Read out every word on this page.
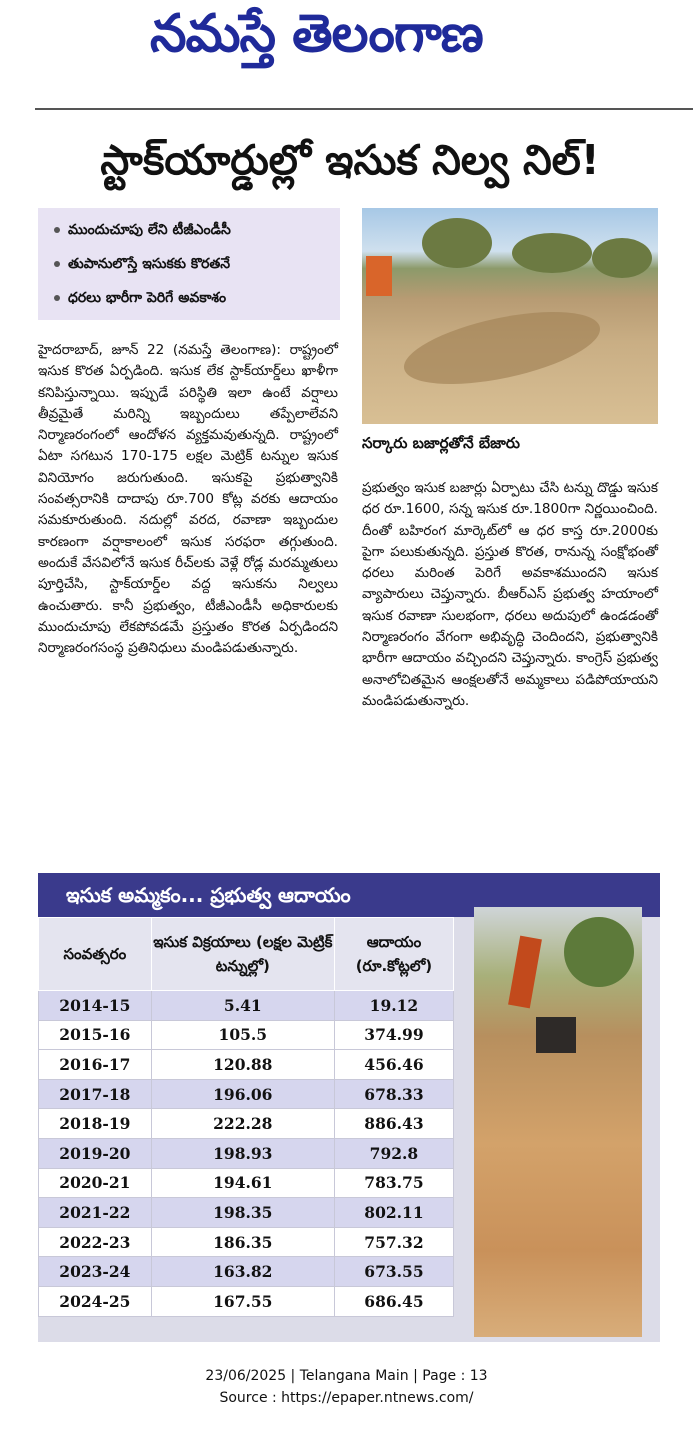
నమస్తే తెలంగాణ
స్టాక్‌యార్డుల్లో ఇసుక నిల్వ నిల్!
ముందుచూపు లేని టీజీఎండీసీ
తుపానులొస్తే ఇసుకకు కొరతనే
ధరలు భారీగా పెరిగే అవకాశం

హైదరాబాద్‌, జూన్‌ 22 (నమస్తే తెలంగాణ): రాష్ట్రంలో ఇసుక కొరత ఏర్పడింది. ఇసుక లేక స్టాక్‌యార్డ్‌లు ఖాళీగా కనిపిస్తున్నాయి. ఇప్పుడే పరిస్థితి ఇలా ఉంటే వర్షాలు తీవ్రమైతే మరిన్ని ఇబ్బందులు తప్పేలాలేవని నిర్మాణరంగంలో ఆందోళన వ్యక్తమవుతున్నది. రాష్ట్రంలో ఏటా సగటున 170-175 లక్షల మెట్రిక్‌ టన్నుల ఇసుక వినియోగం జరుగుతుంది. ఇసుకపై ప్రభుత్వానికి సంవత్సరానికి దాదాపు రూ.700 కోట్ల వరకు ఆదాయం సమకూరుతుంది. నదుల్లో వరద, రవాణా ఇబ్బందుల కారణంగా వర్షాకాలంలో ఇసుక సరఫరా తగ్గుతుంది. అందుకే వేసవిలోనే ఇసుక రీచ్‌లకు వెళ్లే రోడ్ల మరమ్మతులు పూర్తిచేసి, స్టాక్‌యార్డ్‌ల వద్ద ఇసుకను నిల్వలు ఉంచుతారు. కానీ ప్రభుత్వం, టీజీఎండీసీ అధికారులకు ముందుచూపు లేకపోవడమే ప్రస్తుతం కొరత ఏర్పడిందని నిర్మాణరంగసంస్థ ప్రతినిధులు మండిపడుతున్నారు.

సర్కారు బజార్లతోనే బేజారు

ప్రభుత్వం ఇసుక బజార్లు ఏర్పాటు చేసి టన్ను దొడ్డు ఇసుక ధర రూ.1600, సన్న ఇసుక రూ.1800గా నిర్ణయించింది. దీంతో బహిరంగ మార్కెట్‌లో ఆ ధర కాస్త రూ.2000కు పైగా పలుకుతున్నది. ప్రస్తుత కొరత, రానున్న సంక్షోభంతో ధరలు మరింత పెరిగే అవకాశముందని ఇసుక వ్యాపారులు చెప్తున్నారు. బీఆర్‌ఎస్‌ ప్రభుత్వ హయాంలో ఇసుక రవాణా సులభంగా, ధరలు అదుపులో ఉండడంతో నిర్మాణరంగం వేగంగా అభివృద్ధి చెందిందని, ప్రభుత్వానికి భారీగా ఆదాయం వచ్చిందని చెప్తున్నారు. కాంగ్రెస్‌ ప్రభుత్వ అనాలోచితమైన ఆంక్షలతోనే అమ్మకాలు పడిపోయాయని మండిపడుతున్నారు.

ఇసుక అమ్మకం... ప్రభుత్వ ఆదాయం
సంవత్సరం	ఇసుక విక్రయాలు (లక్షల మెట్రిక్‌ టన్నుల్లో)	ఆదాయం (రూ.కోట్లలో)
2014-15	5.41	19.12
2015-16	105.5	374.99
2016-17	120.88	456.46
2017-18	196.06	678.33
2018-19	222.28	886.43
2019-20	198.93	792.8
2020-21	194.61	783.75
2021-22	198.35	802.11
2022-23	186.35	757.32
2023-24	163.82	673.55
2024-25	167.55	686.45
23/06/2025 | Telangana Main | Page : 13
Source : https://epaper.ntnews.com/
